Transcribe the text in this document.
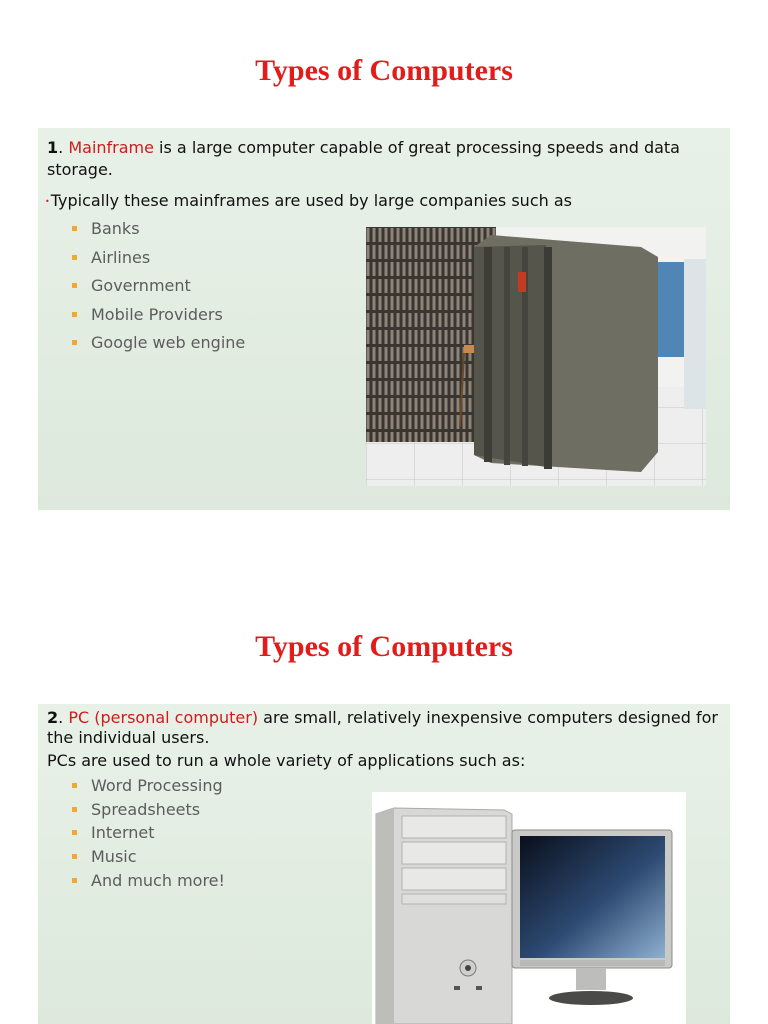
Types of Computers
1. Mainframe is a large computer capable of great processing speeds and data storage.
•Typically these mainframes are used by large companies such as
Banks
Airlines
Government
Mobile Providers
Google web engine
Types of Computers
2. PC (personal computer) are small, relatively inexpensive computers designed for the individual users.
PCs are used to run a whole variety of applications such as:
Word Processing
Spreadsheets
Internet
Music
And much more!
